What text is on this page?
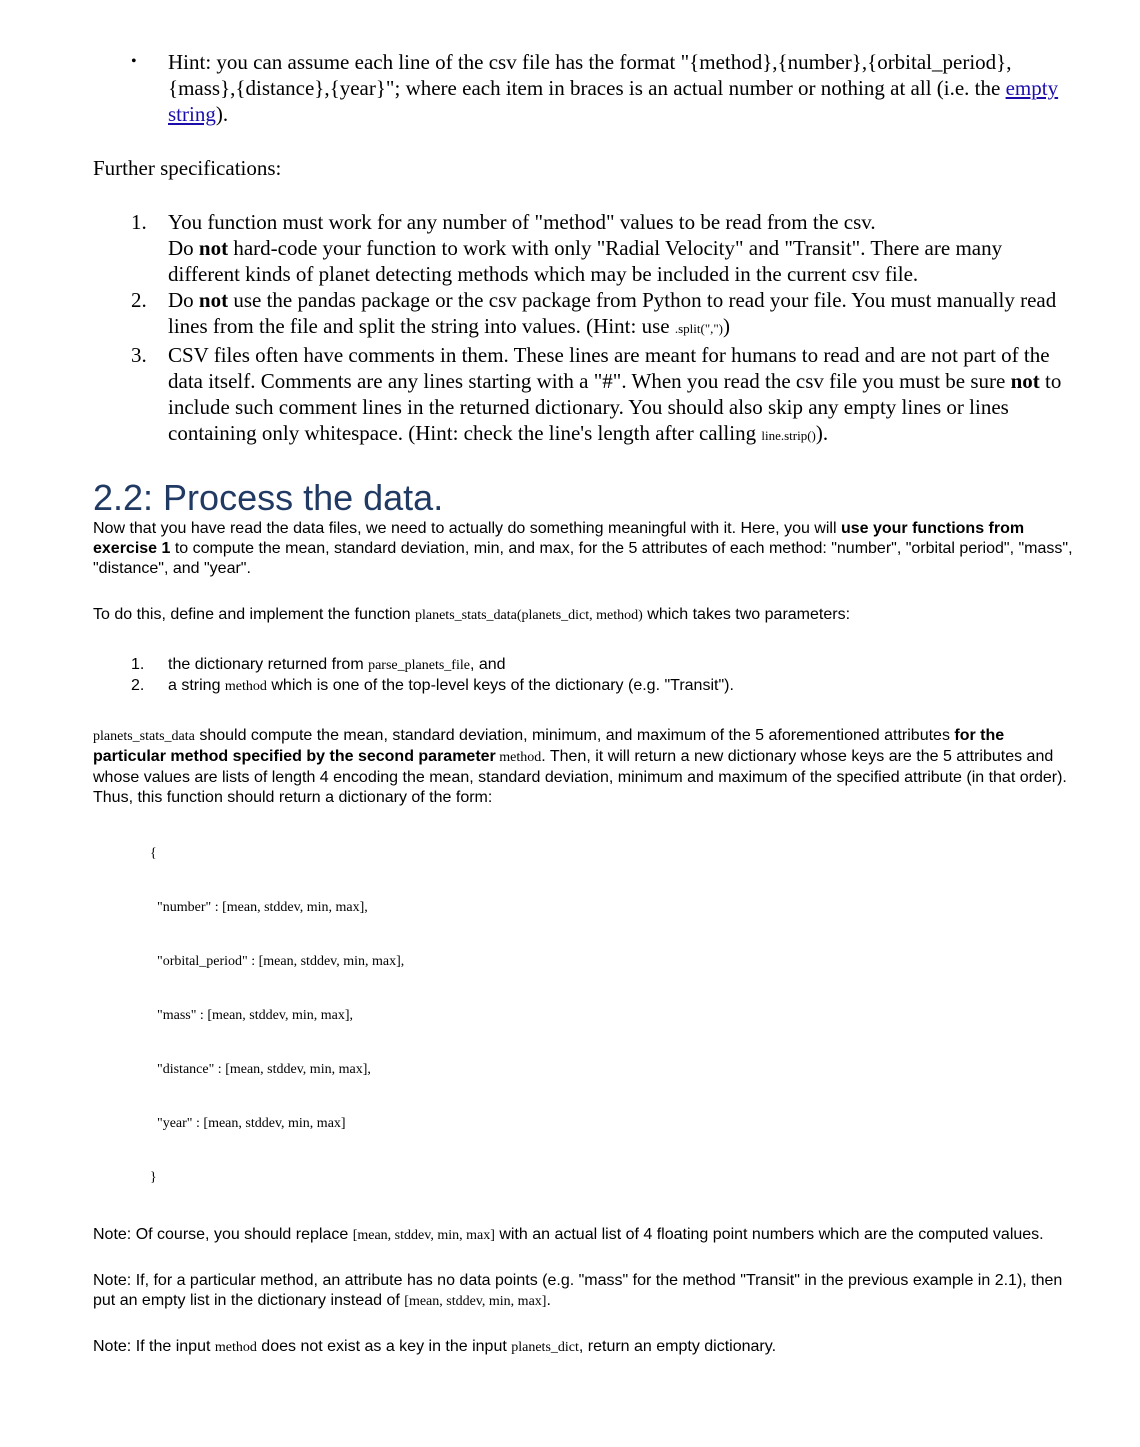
• Hint: you can assume each line of the csv file has the format "{method},{number},{orbital_period},{mass},{distance},{year}"; where each item in braces is an actual number or nothing at all (i.e. the empty string).
Further specifications:
1. You function must work for any number of "method" values to be read from the csv.
Do not hard-code your function to work with only "Radial Velocity" and "Transit". There are many different kinds of planet detecting methods which may be included in the current csv file.
2. Do not use the pandas package or the csv package from Python to read your file. You must manually read lines from the file and split the string into values. (Hint: use .split(","))
3. CSV files often have comments in them. These lines are meant for humans to read and are not part of the data itself. Comments are any lines starting with a "#". When you read the csv file you must be sure not to include such comment lines in the returned dictionary. You should also skip any empty lines or lines containing only whitespace. (Hint: check the line's length after calling line.strip()).
2.2: Process the data.
Now that you have read the data files, we need to actually do something meaningful with it. Here, you will use your functions from exercise 1 to compute the mean, standard deviation, min, and max, for the 5 attributes of each method: "number", "orbital period", "mass", "distance", and "year".
To do this, define and implement the function planets_stats_data(planets_dict, method) which takes two parameters:
1. the dictionary returned from parse_planets_file, and
2. a string method which is one of the top-level keys of the dictionary (e.g. "Transit").
planets_stats_data should compute the mean, standard deviation, minimum, and maximum of the 5 aforementioned attributes for the particular method specified by the second parameter method. Then, it will return a new dictionary whose keys are the 5 attributes and whose values are lists of length 4 encoding the mean, standard deviation, minimum and maximum of the specified attribute (in that order). Thus, this function should return a dictionary of the form:
{
"number" : [mean, stddev, min, max],
"orbital_period" : [mean, stddev, min, max],
"mass" : [mean, stddev, min, max],
"distance" : [mean, stddev, min, max],
"year" : [mean, stddev, min, max]
}
Note: Of course, you should replace [mean, stddev, min, max] with an actual list of 4 floating point numbers which are the computed values.
Note: If, for a particular method, an attribute has no data points (e.g. "mass" for the method "Transit" in the previous example in 2.1), then put an empty list in the dictionary instead of [mean, stddev, min, max].
Note: If the input method does not exist as a key in the input planets_dict, return an empty dictionary.
